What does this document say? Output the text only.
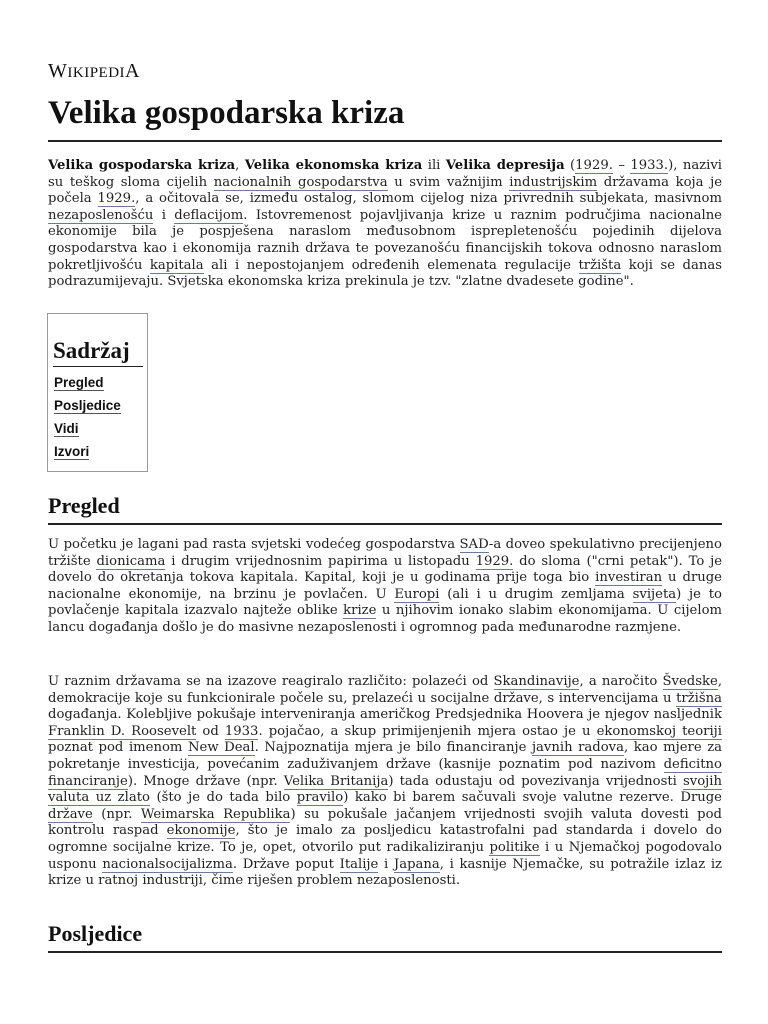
WIKIPEDIA
Velika gospodarska kriza

Velika gospodarska kriza, Velika ekonomska kriza ili Velika depresija (1929. – 1933.), nazivi su teškog sloma cijelih nacionalnih gospodarstva u svim važnijim industrijskim državama koja je počela 1929., a očitovala se, između ostalog, slomom cijelog niza privrednih subjekata, masivnom nezaposlenošću i deflacijom. Istovremenost pojavljivanja krize u raznim područjima nacionalne ekonomije bila je pospješena naraslom međusobnom isprepletenošću pojedinih dijelova gospodarstva kao i ekonomija raznih država te povezanošću financijskih tokova odnosno naraslom pokretljivošću kapitala ali i nepostojanjem određenih elemenata regulacije tržišta koji se danas podrazumijevaju. Svjetska ekonomska kriza prekinula je tzv. "zlatne dvadesete godine".

Sadržaj
Pregled
Posljedice
Vidi
Izvori
Pregled

U početku je lagani pad rasta svjetski vodećeg gospodarstva SAD-a doveo spekulativno precijenjeno tržište dionicama i drugim vrijednosnim papirima u listopadu 1929. do sloma ("crni petak"). To je dovelo do okretanja tokova kapitala. Kapital, koji je u godinama prije toga bio investiran u druge nacionalne ekonomije, na brzinu je povlačen. U Europi (ali i u drugim zemljama svijeta) je to povlačenje kapitala izazvalo najteže oblike krize u njihovim ionako slabim ekonomijama. U cijelom lancu događanja došlo je do masivne nezaposlenosti i ogromnog pada međunarodne razmjene.

U raznim državama se na izazove reagiralo različito: polazeći od Skandinavije, a naročito Švedske, demokracije koje su funkcionirale počele su, prelazeći u socijalne države, s intervencijama u tržišna događanja. Kolebljive pokušaje interveniranja američkog Predsjednika Hoovera je njegov nasljednik Franklin D. Roosevelt od 1933. pojačao, a skup primijenjenih mjera ostao je u ekonomskoj teoriji poznat pod imenom New Deal. Najpoznatija mjera je bilo financiranje javnih radova, kao mjere za pokretanje investicija, povećanim zaduživanjem države (kasnije poznatim pod nazivom deficitno financiranje). Mnoge države (npr. Velika Britanija) tada odustaju od povezivanja vrijednosti svojih valuta uz zlato (što je do tada bilo pravilo) kako bi barem sačuvali svoje valutne rezerve. Druge države (npr. Weimarska Republika) su pokušale jačanjem vrijednosti svojih valuta dovesti pod kontrolu raspad ekonomije, što je imalo za posljedicu katastrofalni pad standarda i dovelo do ogromne socijalne krize. To je, opet, otvorilo put radikaliziranju politike i u Njemačkoj pogodovalo usponu nacionalsocijalizma. Države poput Italije i Japana, i kasnije Njemačke, su potražile izlaz iz krize u ratnoj industriji, čime riješen problem nezaposlenosti.

Posljedice
